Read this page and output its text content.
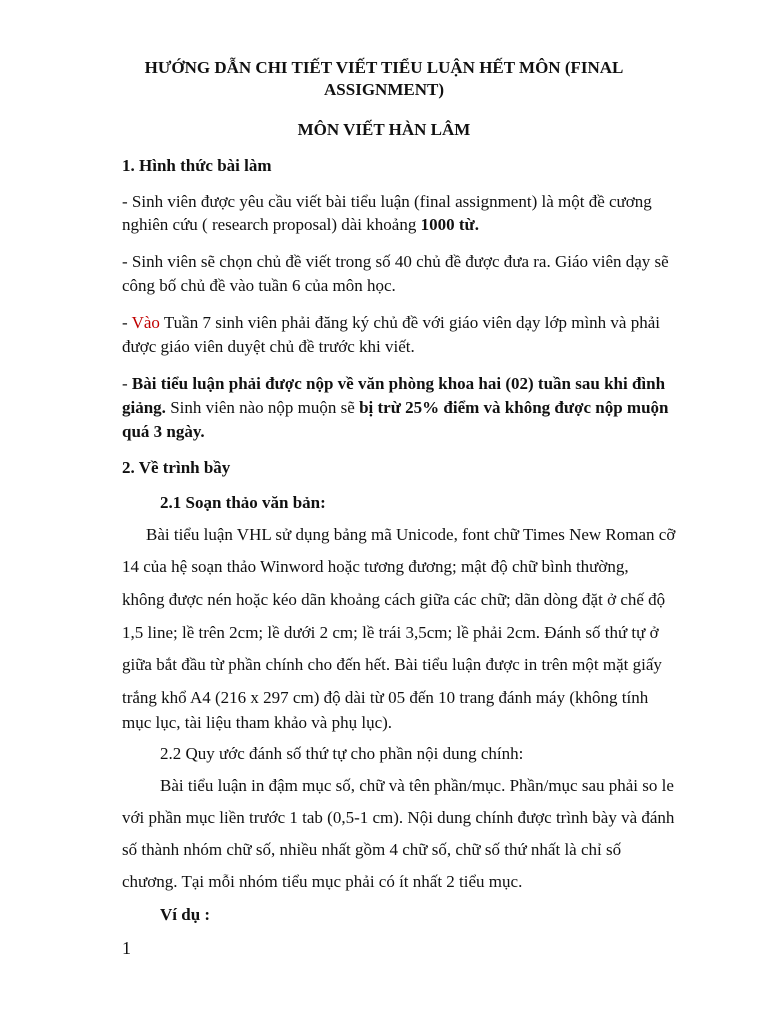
HƯỚNG DẪN CHI TIẾT VIẾT TIỂU LUẬN HẾT MÔN (FINAL
ASSIGNMENT)
MÔN VIẾT HÀN LÂM
1. Hình thức bài làm
- Sinh viên được yêu cầu viết bài tiểu luận (final assignment) là một đề cương
nghiên cứu ( research proposal) dài khoảng 1000 từ.
- Sinh viên sẽ chọn chủ đề viết trong số 40 chủ đề được đưa ra. Giáo viên dạy sẽ
công bố chủ đề vào tuần 6 của môn học.
- Vào Tuần 7 sinh viên phải đăng ký chủ đề với giáo viên dạy lớp mình và phải
được giáo viên duyệt chủ đề trước khi viết.
- Bài tiểu luận phải được nộp về văn phòng khoa hai (02) tuần sau khi đình
giảng. Sinh viên nào nộp muộn sẽ bị trừ 25% điểm và không được nộp muộn
quá 3 ngày.
2. Về trình bầy
2.1 Soạn thảo văn bản:
Bài tiểu luận VHL sử dụng bảng mã Unicode, font chữ Times New Roman cỡ
14 của hệ soạn thảo Winword hoặc tương đương; mật độ chữ bình thường,
không được nén hoặc kéo dãn khoảng cách giữa các chữ; dãn dòng đặt ở chế độ
1,5 line; lề trên 2cm; lề dưới 2 cm; lề trái 3,5cm; lề phải 2cm. Đánh số thứ tự ở
giữa bắt đầu từ phần chính cho đến hết. Bài tiểu luận được in trên một mặt giấy
trắng khổ A4 (216 x 297 cm) độ dài từ 05 đến 10 trang đánh máy (không tính
mục lục, tài liệu tham khảo và phụ lục).
2.2 Quy ước đánh số thứ tự cho phần nội dung chính:
Bài tiểu luận in đậm mục số, chữ và tên phần/mục. Phần/mục sau phải so le
với phần mục liền trước 1 tab (0,5-1 cm). Nội dung chính được trình bày và đánh
số thành nhóm chữ số, nhiều nhất gồm 4 chữ số, chữ số thứ nhất là chỉ số
chương. Tại mỗi nhóm tiểu mục phải có ít nhất 2 tiểu mục.
Ví dụ :
1
